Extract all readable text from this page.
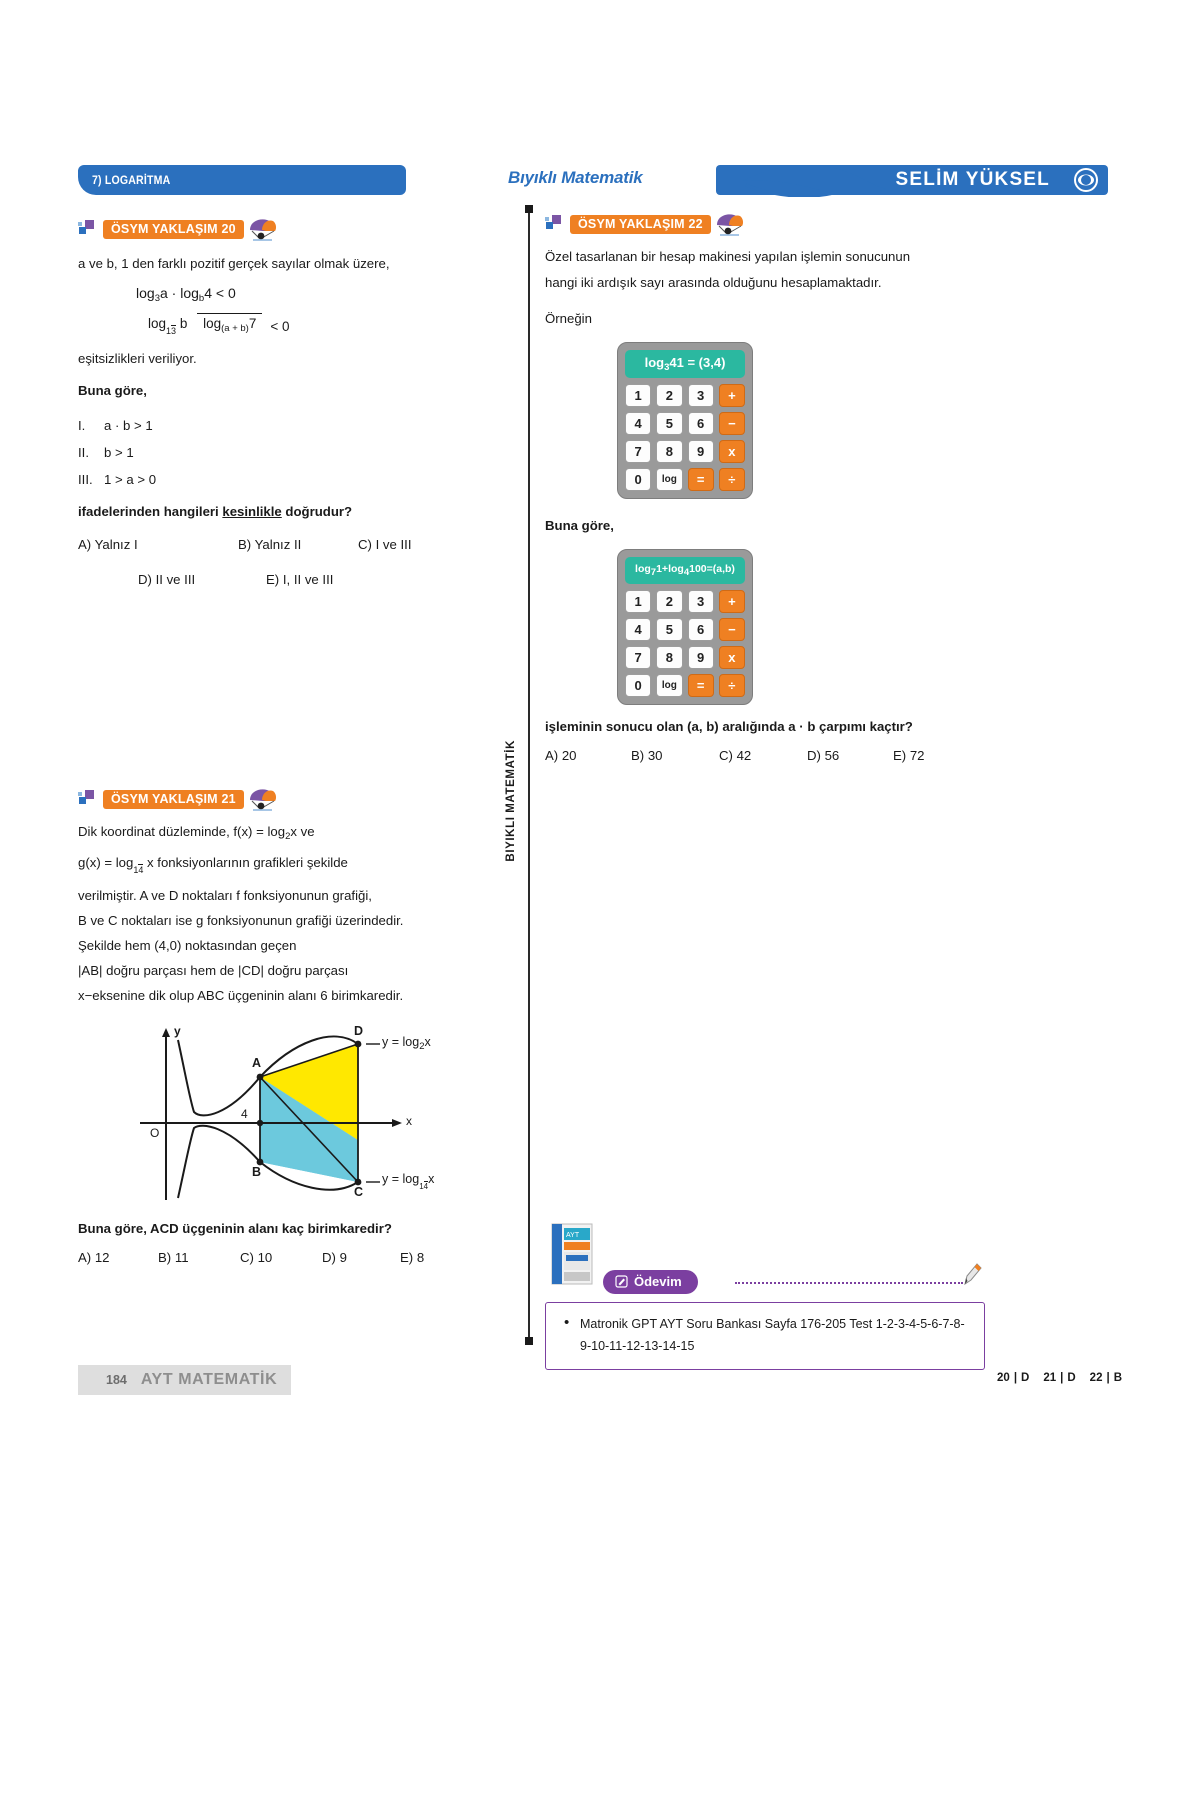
Bıyıklı Matematik	SELİM YÜKSEL
BIYIKLI MATEMATİK
7) LOGARİTMA
ÖSYM YAKLAŞIM 20
a ve b, 1 den farklı pozitif gerçek sayılar olmak üzere,
$\log_3a \cdot \log_b4 < 0$
log13 b $\log_{(a + b)}7$	< 0
eşitsizlikleri veriliyor.
Buna göre,
I. a · b > 1
II. b > 1
III. 1 > a > 0
ifadelerinden hangileri kesinlikle doğrudur?
A) Yalnız I	B) Yalnız II	C) I ve III
D) II ve III	E) I, II ve III
ÖSYM YAKLAŞIM 21
Dik koordinat düzleminde, $f(x) = \log_2x$ ve
g(x) = log14 x fonksiyonlarının grafikleri şekilde
verilmiştir. A ve D noktaları f fonksiyonunun grafiği,
B ve C noktaları ise g fonksiyonunun grafiği üzerindedir.
Şekilde hem (4,0) noktasından geçen
|AB| doğru parçası hem de |CD| doğru parçası
x−eksenine dik olup ABC üçgeninin alanı 6 birimkaredir.
y
x
O
4
A
B
C
D
$y = \log_2x$
y = log14x
Buna göre, ACD üçgeninin alanı kaç birimkaredir?
A) 12	B) 11	C) 10	D) 9	E) 8
ÖSYM YAKLAŞIM 22
Özel tasarlanan bir hesap makinesi yapılan işlemin sonucunun
hangi iki ardışık sayı arasında olduğunu hesaplamaktadır.
Örneğin
$\log_341 = (3,4)$
1	2	3	+
4	5	6	−
7	8	9	x
0	log	=	÷
Buna göre,
$\log_71+\log_4100=(a,b)$
1	2	3	+
4	5	6	−
7	8	9	x
0	log	=	÷
işleminin sonucu olan (a, b) aralığında a · b çarpımı kaçtır?
A) 20	B) 30	C) 42	D) 56	E) 72
AYT
Ödevim
• Matronik GPT AYT Soru Bankası Sayfa 176-205 Test 1-2-3-4-5-6-7-8-9-10-11-12-13-14-15
184 AYT MATEMATİK	20 | D 21 | D 22 | B
